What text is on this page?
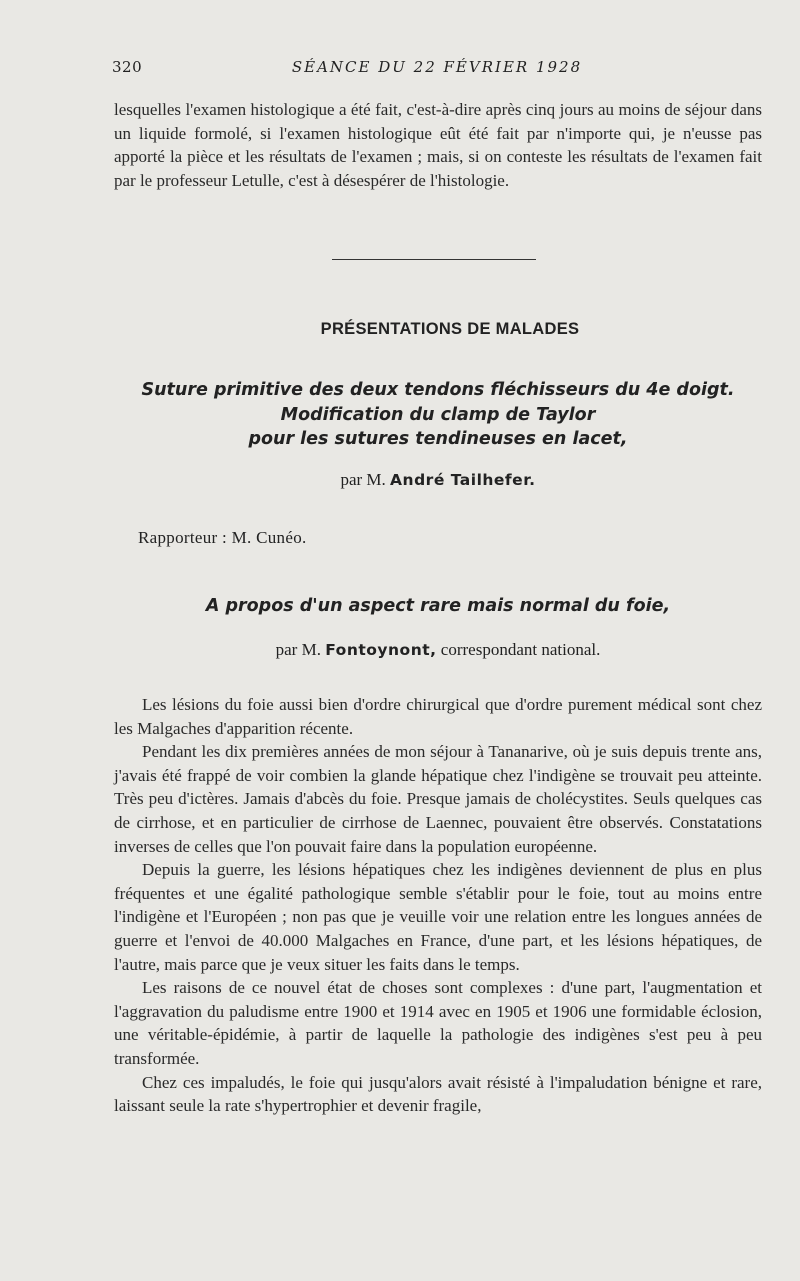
320	SÉANCE DU 22 FÉVRIER 1928

lesquelles l'examen histologique a été fait, c'est-à-dire après cinq jours au moins de séjour dans un liquide formolé, si l'examen histologique eût été fait par n'importe qui, je n'eusse pas apporté la pièce et les résultats de l'examen ; mais, si on conteste les résultats de l'examen fait par le professeur Letulle, c'est à désespérer de l'histologie.

PRÉSENTATIONS DE MALADES
Suture primitive des deux tendons fléchisseurs du 4e doigt.
Modification du clamp de Taylor
pour les sutures tendineuses en lacet,
par M. André Tailhefer.
Rapporteur : M. Cunéo.
A propos d'un aspect rare mais normal du foie,
par M. Fontoynont, correspondant national.

Les lésions du foie aussi bien d'ordre chirurgical que d'ordre purement médical sont chez les Malgaches d'apparition récente.

Pendant les dix premières années de mon séjour à Tananarive, où je suis depuis trente ans, j'avais été frappé de voir combien la glande hépatique chez l'indigène se trouvait peu atteinte. Très peu d'ictères. Jamais d'abcès du foie. Presque jamais de cholécystites. Seuls quelques cas de cirrhose, et en particulier de cirrhose de Laennec, pouvaient être observés. Constatations inverses de celles que l'on pouvait faire dans la population européenne.

Depuis la guerre, les lésions hépatiques chez les indigènes deviennent de plus en plus fréquentes et une égalité pathologique semble s'établir pour le foie, tout au moins entre l'indigène et l'Européen ; non pas que je veuille voir une relation entre les longues années de guerre et l'envoi de 40.000 Malgaches en France, d'une part, et les lésions hépatiques, de l'autre, mais parce que je veux situer les faits dans le temps.

Les raisons de ce nouvel état de choses sont complexes : d'une part, l'augmentation et l'aggravation du paludisme entre 1900 et 1914 avec en 1905 et 1906 une formidable éclosion, une véritable-épidémie, à partir de laquelle la pathologie des indigènes s'est peu à peu transformée.

Chez ces impaludés, le foie qui jusqu'alors avait résisté à l'impaludation bénigne et rare, laissant seule la rate s'hypertrophier et devenir fragile,
